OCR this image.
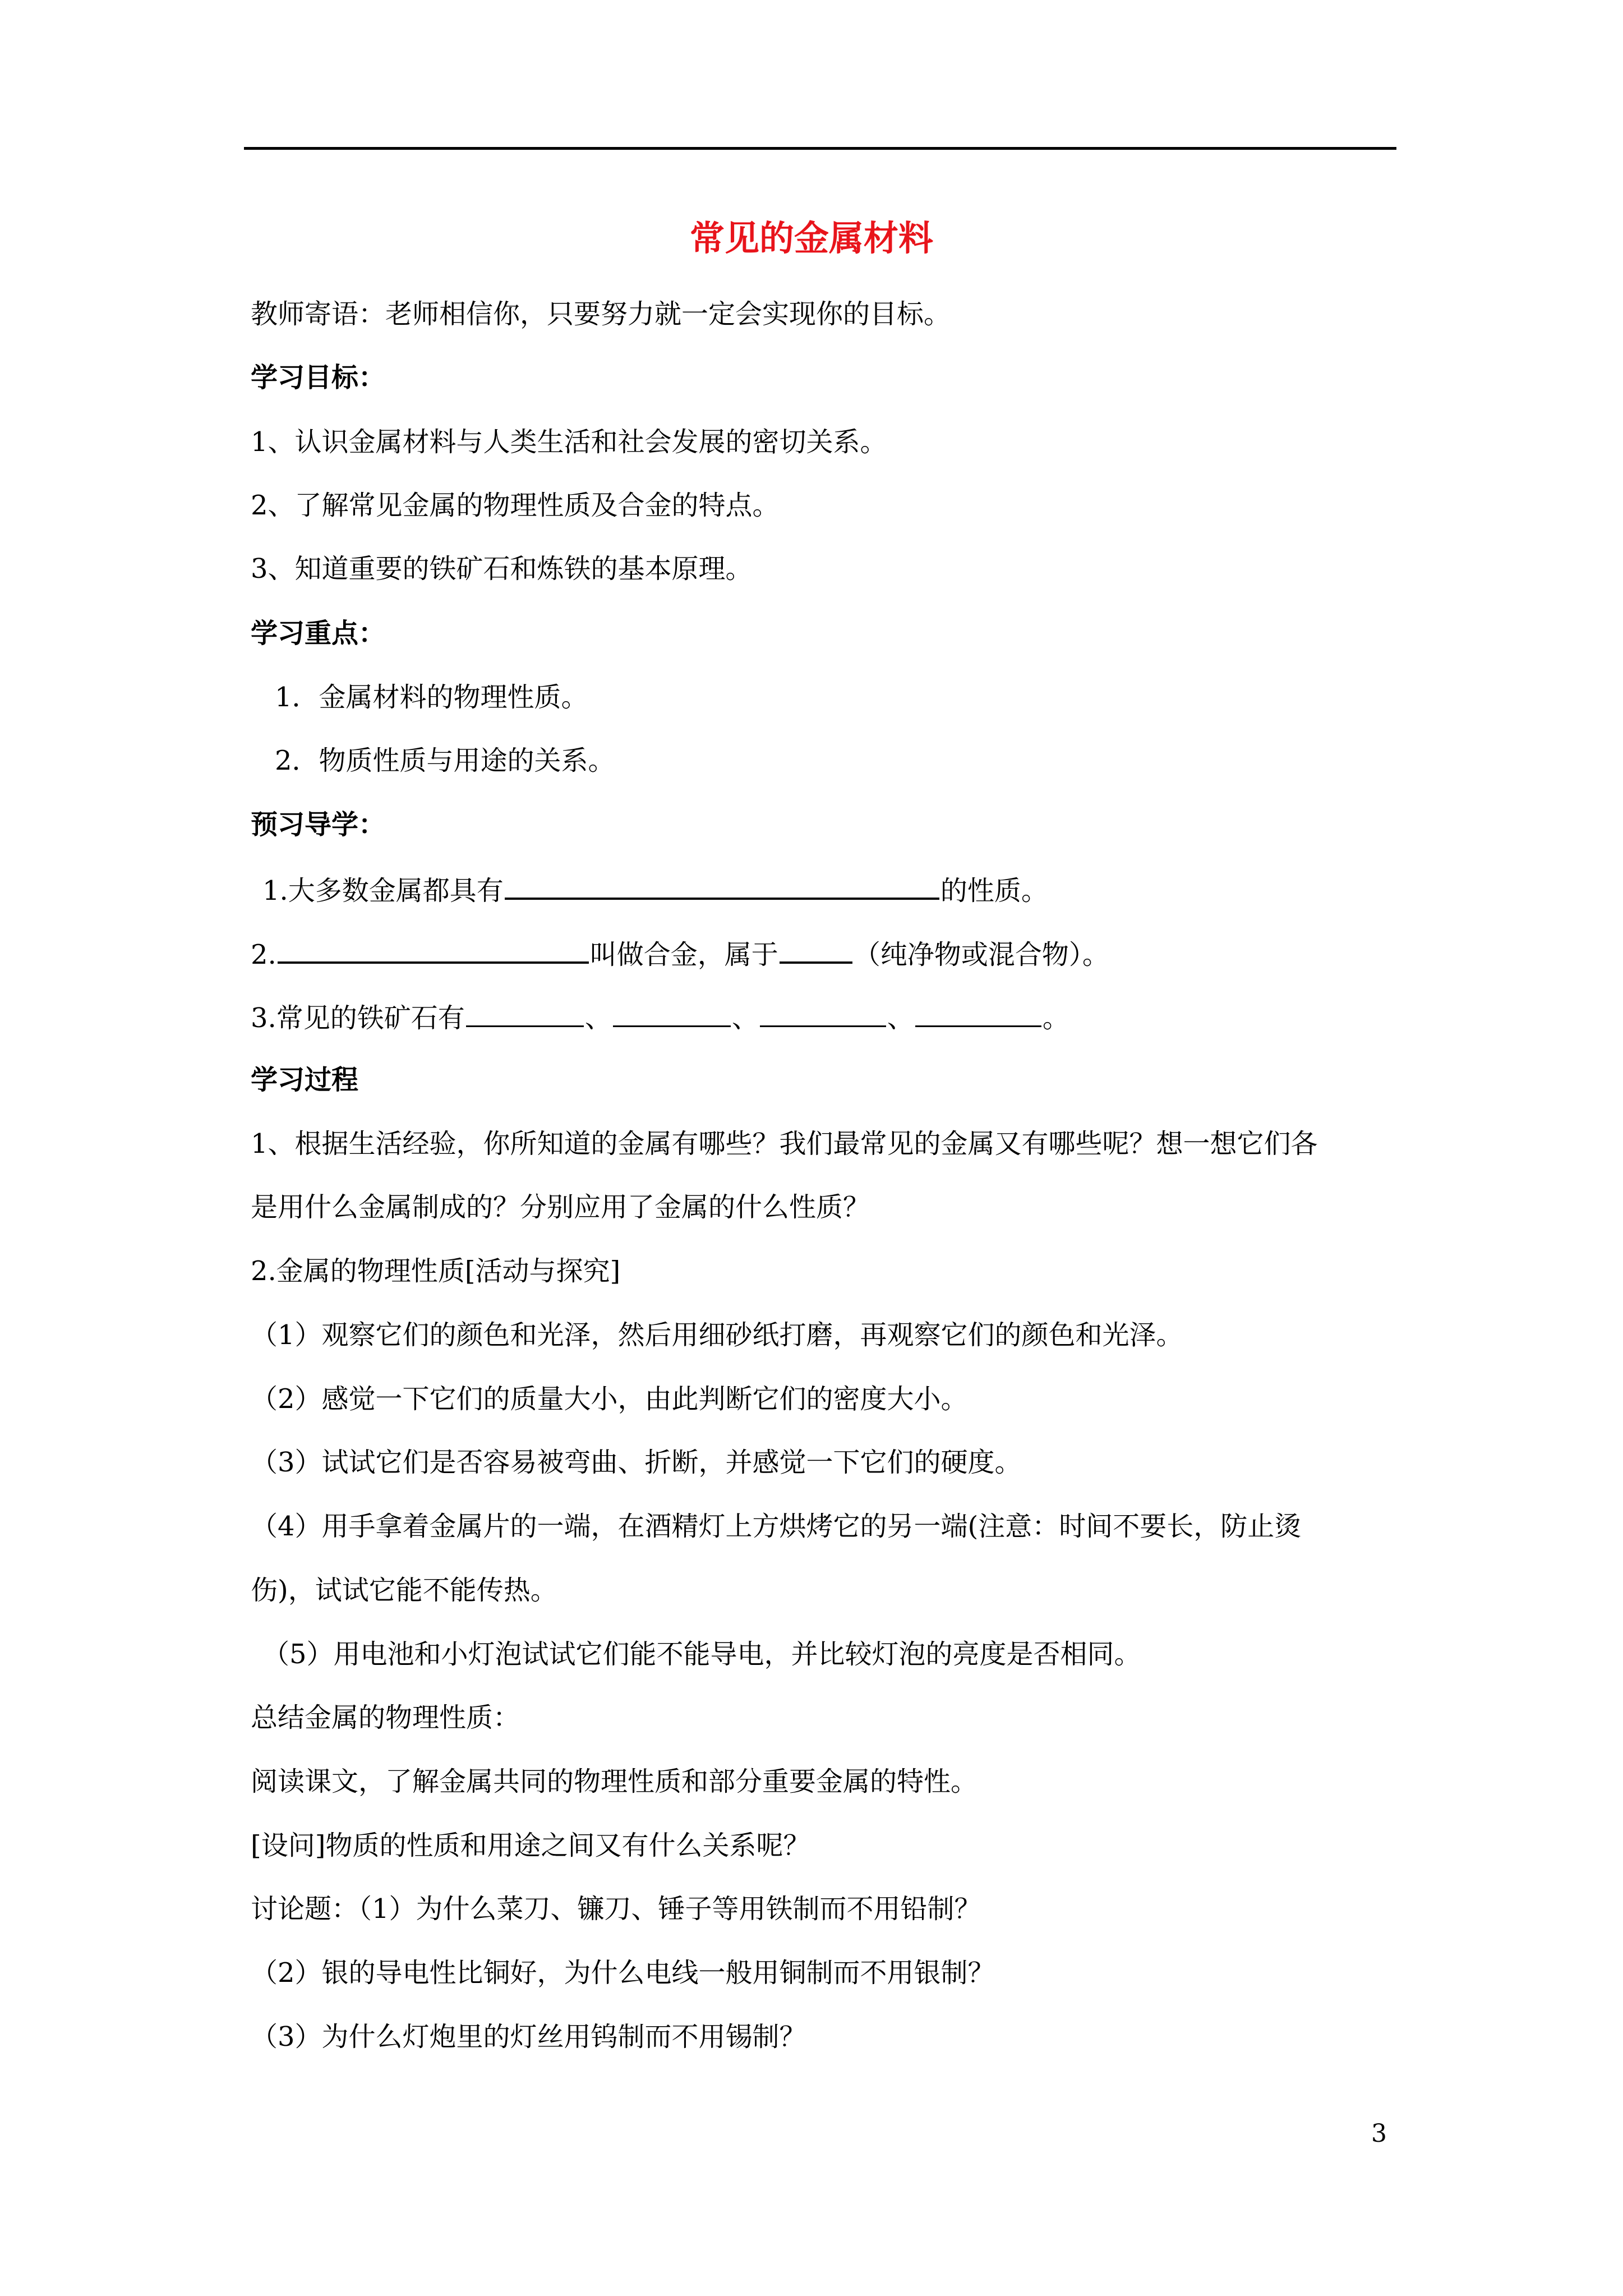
常见的金属材料
教师寄语：老师相信你，只要努力就一定会实现你的目标。
学习目标：
1、认识金属材料与人类生活和社会发展的密切关系。
2、了解常见金属的物理性质及合金的特点。
3、知道重要的铁矿石和炼铁的基本原理。
学习重点：
1．金属材料的物理性质。
2．物质性质与用途的关系。
预习导学：
1.大多数金属都具有	的性质。
2.	叫做合金，属于	（纯净物或混合物）。
3.常见的铁矿石有	、	、	、	。
学习过程
1、根据生活经验，你所知道的金属有哪些？我们最常见的金属又有哪些呢？想一想它们各
是用什么金属制成的？分别应用了金属的什么性质？
2.金属的物理性质[活动与探究]
（1）观察它们的颜色和光泽，然后用细砂纸打磨，再观察它们的颜色和光泽。
（2）感觉一下它们的质量大小，由此判断它们的密度大小。
（3）试试它们是否容易被弯曲、折断，并感觉一下它们的硬度。
（4）用手拿着金属片的一端，在酒精灯上方烘烤它的另一端(注意：时间不要长，防止烫
伤)，试试它能不能传热。
（5）用电池和小灯泡试试它们能不能导电，并比较灯泡的亮度是否相同。
总结金属的物理性质：
阅读课文，了解金属共同的物理性质和部分重要金属的特性。
[设问]物质的性质和用途之间又有什么关系呢？
讨论题：（1）为什么菜刀、镰刀、锤子等用铁制而不用铅制？
（2）银的导电性比铜好，为什么电线一般用铜制而不用银制？
（3）为什么灯炮里的灯丝用钨制而不用锡制？
3
